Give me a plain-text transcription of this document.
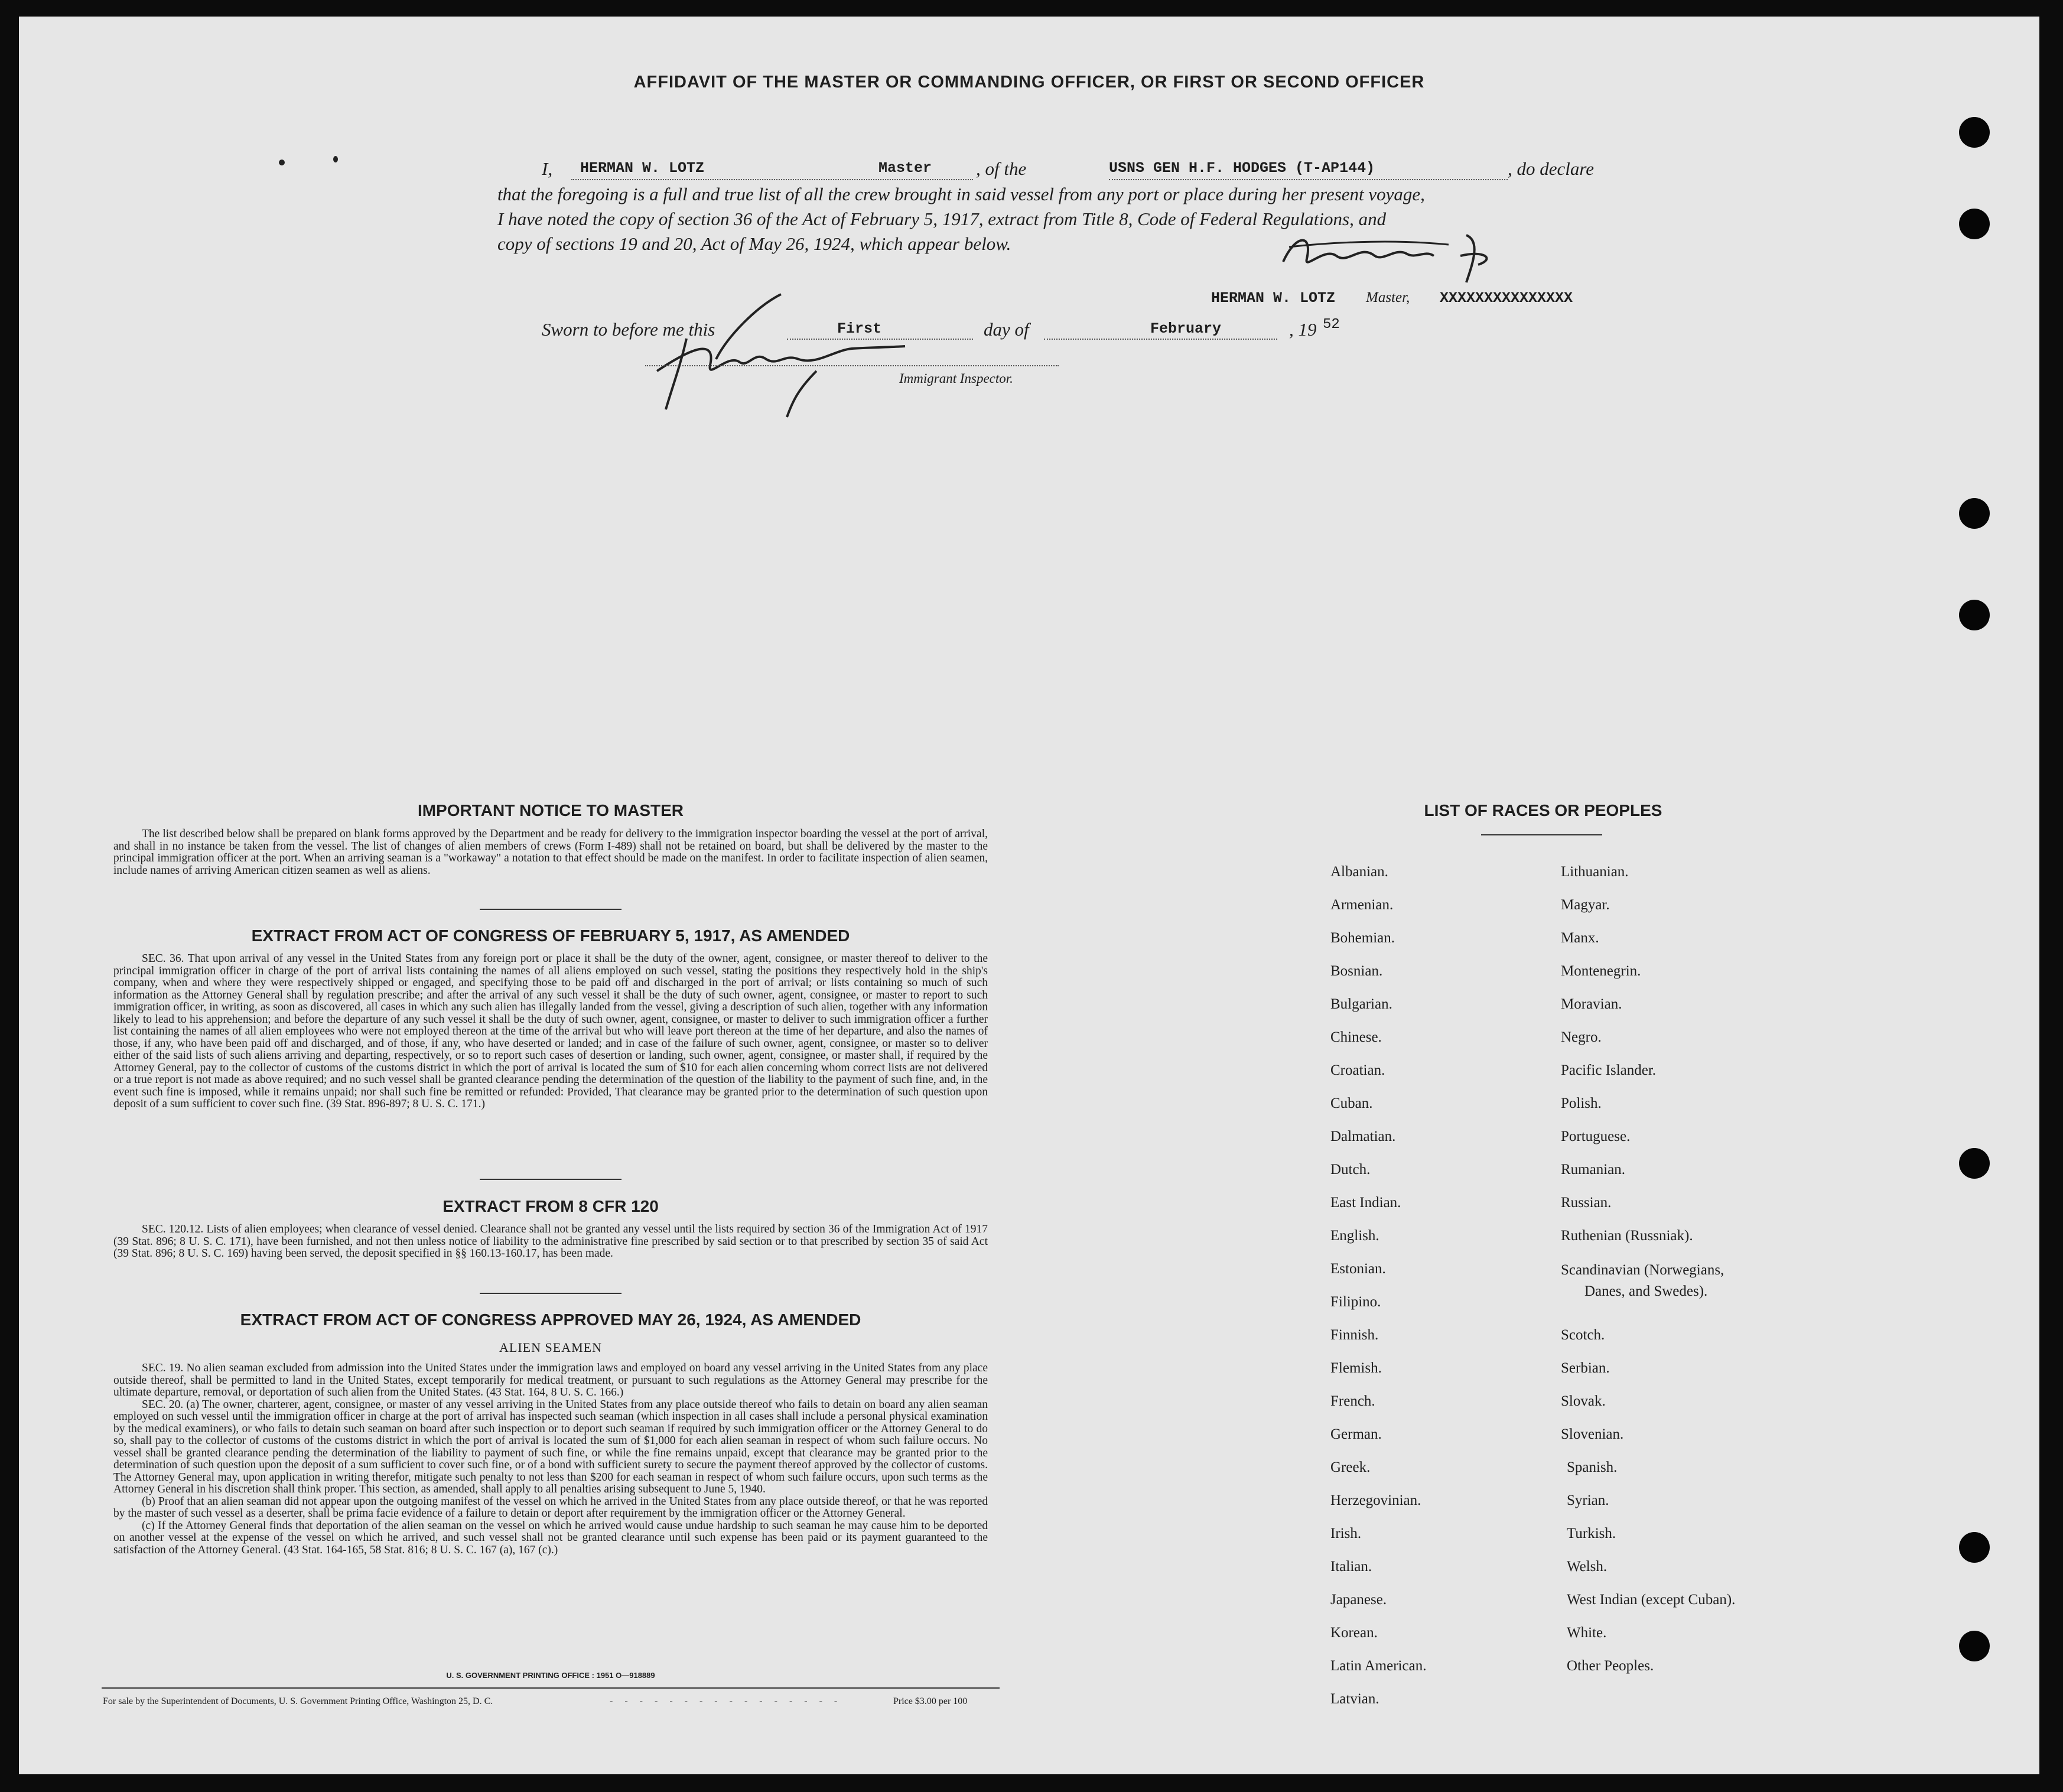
AFFIDAVIT OF THE MASTER OR COMMANDING OFFICER, OR FIRST OR SECOND OFFICER
I, HERMAN W. LOTZ	Master , of the	USNS GEN H.F. HODGES (T-AP144)	, do declare
that the foregoing is a full and true list of all the crew brought in said vessel from any port or place during her present voyage,
I have noted the copy of section 36 of the Act of February 5, 1917, extract from Title 8, Code of Federal Regulations, and
copy of sections 19 and 20, Act of May 26, 1924, which appear below.
HERMAN W. LOTZ Master, XXXXXXXXXXXXXXX
Sworn to before me this	First	day of	February	, 19 52
Immigrant Inspector.
IMPORTANT NOTICE TO MASTER

The list described below shall be prepared on blank forms approved by the Department and be ready for delivery to the immigration inspector boarding the vessel at the port of arrival, and shall in no instance be taken from the vessel. The list of changes of alien members of crews (Form I-489) shall not be retained on board, but shall be delivered by the master to the principal immigration officer at the port. When an arriving seaman is a "workaway" a notation to that effect should be made on the manifest. In order to facilitate inspection of alien seamen, include names of arriving American citizen seamen as well as aliens.

EXTRACT FROM ACT OF CONGRESS OF FEBRUARY 5, 1917, AS AMENDED

SEC. 36. That upon arrival of any vessel in the United States from any foreign port or place it shall be the duty of the owner, agent, consignee, or master thereof to deliver to the principal immigration officer in charge of the port of arrival lists containing the names of all aliens employed on such vessel, stating the positions they respectively hold in the ship's company, when and where they were respectively shipped or engaged, and specifying those to be paid off and discharged in the port of arrival; or lists containing so much of such information as the Attorney General shall by regulation prescribe; and after the arrival of any such vessel it shall be the duty of such owner, agent, consignee, or master to report to such immigration officer, in writing, as soon as discovered, all cases in which any such alien has illegally landed from the vessel, giving a description of such alien, together with any information likely to lead to his apprehension; and before the departure of any such vessel it shall be the duty of such owner, agent, consignee, or master to deliver to such immigration officer a further list containing the names of all alien employees who were not employed thereon at the time of the arrival but who will leave port thereon at the time of her departure, and also the names of those, if any, who have been paid off and discharged, and of those, if any, who have deserted or landed; and in case of the failure of such owner, agent, consignee, or master so to deliver either of the said lists of such aliens arriving and departing, respectively, or so to report such cases of desertion or landing, such owner, agent, consignee, or master shall, if required by the Attorney General, pay to the collector of customs of the customs district in which the port of arrival is located the sum of $10 for each alien concerning whom correct lists are not delivered or a true report is not made as above required; and no such vessel shall be granted clearance pending the determination of the question of the liability to the payment of such fine, and, in the event such fine is imposed, while it remains unpaid; nor shall such fine be remitted or refunded: Provided, That clearance may be granted prior to the determination of such question upon deposit of a sum sufficient to cover such fine. (39 Stat. 896-897; 8 U. S. C. 171.)

EXTRACT FROM 8 CFR 120

SEC. 120.12. Lists of alien employees; when clearance of vessel denied. Clearance shall not be granted any vessel until the lists required by section 36 of the Immigration Act of 1917 (39 Stat. 896; 8 U. S. C. 171), have been furnished, and not then unless notice of liability to the administrative fine prescribed by said section or to that prescribed by section 35 of said Act (39 Stat. 896; 8 U. S. C. 169) having been served, the deposit specified in §§ 160.13-160.17, has been made.

EXTRACT FROM ACT OF CONGRESS APPROVED MAY 26, 1924, AS AMENDED
ALIEN SEAMEN

SEC. 19. No alien seaman excluded from admission into the United States under the immigration laws and employed on board any vessel arriving in the United States from any place outside thereof, shall be permitted to land in the United States, except temporarily for medical treatment, or pursuant to such regulations as the Attorney General may prescribe for the ultimate departure, removal, or deportation of such alien from the United States. (43 Stat. 164, 8 U. S. C. 166.)

SEC. 20. (a) The owner, charterer, agent, consignee, or master of any vessel arriving in the United States from any place outside thereof who fails to detain on board any alien seaman employed on such vessel until the immigration officer in charge at the port of arrival has inspected such seaman (which inspection in all cases shall include a personal physical examination by the medical examiners), or who fails to detain such seaman on board after such inspection or to deport such seaman if required by such immigration officer or the Attorney General to do so, shall pay to the collector of customs of the customs district in which the port of arrival is located the sum of $1,000 for each alien seaman in respect of whom such failure occurs. No vessel shall be granted clearance pending the determination of the liability to payment of such fine, or while the fine remains unpaid, except that clearance may be granted prior to the determination of such question upon the deposit of a sum sufficient to cover such fine, or of a bond with sufficient surety to secure the payment thereof approved by the collector of customs. The Attorney General may, upon application in writing therefor, mitigate such penalty to not less than $200 for each seaman in respect of whom such failure occurs, upon such terms as the Attorney General in his discretion shall think proper. This section, as amended, shall apply to all penalties arising subsequent to June 5, 1940.

(b) Proof that an alien seaman did not appear upon the outgoing manifest of the vessel on which he arrived in the United States from any place outside thereof, or that he was reported by the master of such vessel as a deserter, shall be prima facie evidence of a failure to detain or deport after requirement by the immigration officer or the Attorney General.

(c) If the Attorney General finds that deportation of the alien seaman on the vessel on which he arrived would cause undue hardship to such seaman he may cause him to be deported on another vessel at the expense of the vessel on which he arrived, and such vessel shall not be granted clearance until such expense has been paid or its payment guaranteed to the satisfaction of the Attorney General. (43 Stat. 164-165, 58 Stat. 816; 8 U. S. C. 167 (a), 167 (c).)

U. S. GOVERNMENT PRINTING OFFICE : 1951 O—918889
For sale by the Superintendent of Documents, U. S. Government Printing Office, Washington 25, D. C.	- - - - - - - - - - - - - - - -	Price $3.00 per 100
LIST OF RACES OR PEOPLES
Albanian.
Armenian.
Bohemian.
Bosnian.
Bulgarian.
Chinese.
Croatian.
Cuban.
Dalmatian.
Dutch.
East Indian.
English.
Estonian.
Filipino.
Finnish.
Flemish.
French.
German.
Greek.
Herzegovinian.
Irish.
Italian.
Japanese.
Korean.
Latin American.
Latvian.
Lithuanian.
Magyar.
Manx.
Montenegrin.
Moravian.
Negro.
Pacific Islander.
Polish.
Portuguese.
Rumanian.
Russian.
Ruthenian (Russniak).
Scandinavian (Norwegians,
Danes, and Swedes).
Scotch.
Serbian.
Slovak.
Slovenian.
Spanish.
Syrian.
Turkish.
Welsh.
West Indian (except Cuban).
White.
Other Peoples.
